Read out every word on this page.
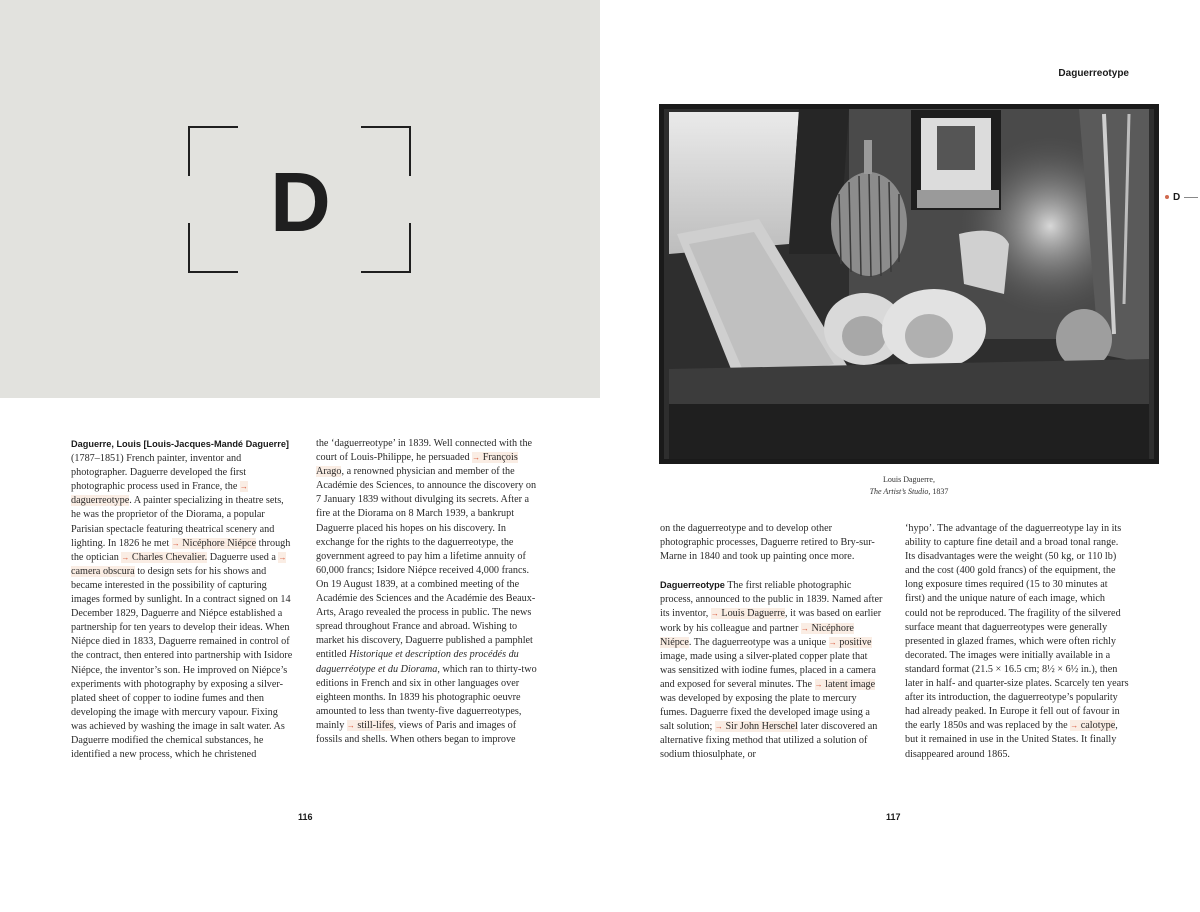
D

Daguerre, Louis [Louis-Jacques-Mandé Daguerre]
(1787–1851) French painter, inventor and photographer. Daguerre developed the first photographic process used in France, the → daguerreotype. A painter specializing in theatre sets, he was the proprietor of the Diorama, a popular Parisian spectacle featuring theatrical scenery and lighting. In 1826 he met → Nicéphore Niépce through the optician → Charles Chevalier. Daguerre used a → camera obscura to design sets for his shows and became interested in the possibility of capturing images formed by sunlight. In a contract signed on 14 December 1829, Daguerre and Niépce established a partnership for ten years to develop their ideas. When Niépce died in 1833, Daguerre remained in control of the contract, then entered into partnership with Isidore Niépce, the inventor’s son. He improved on Niépce’s experiments with photography by exposing a silver-plated sheet of copper to iodine fumes and then developing the image with mercury vapour. Fixing was achieved by washing the image in salt water. As Daguerre modified the chemical substances, he identified a new process, which he christened

the ‘daguerreotype’ in 1839. Well connected with the court of Louis-Philippe, he persuaded → François Arago, a renowned physician and member of the Académie des Sciences, to announce the discovery on 7 January 1839 without divulging its secrets. After a fire at the Diorama on 8 March 1939, a bankrupt Daguerre placed his hopes on his discovery. In exchange for the rights to the daguerreotype, the government agreed to pay him a lifetime annuity of 60,000 francs; Isidore Niépce received 4,000 francs. On 19 August 1839, at a combined meeting of the Académie des Sciences and the Académie des Beaux-Arts, Arago revealed the process in public. The news spread throughout France and abroad. Wishing to market his discovery, Daguerre published a pamphlet entitled Historique et description des procédés du daguerréotype et du Diorama, which ran to thirty-two editions in French and six in other languages over eighteen months. In 1839 his photographic oeuvre amounted to less than twenty-five daguerreotypes, mainly → still-lifes, views of Paris and images of fossils and shells. When others began to improve

116
Daguerreotype
D
Louis Daguerre,
The Artist’s Studio, 1837

on the daguerreotype and to develop other photographic processes, Daguerre retired to Bry-sur-Marne in 1840 and took up painting once more.

Daguerreotype The first reliable photographic process, announced to the public in 1839. Named after its inventor, → Louis Daguerre, it was based on earlier work by his colleague and partner → Nicéphore Niépce. The daguerreotype was a unique → positive image, made using a silver-plated copper plate that was sensitized with iodine fumes, placed in a camera and exposed for several minutes. The → latent image was developed by exposing the plate to mercury fumes. Daguerre fixed the developed image using a salt solution; → Sir John Herschel later discovered an alternative fixing method that utilized a solution of sodium thiosulphate, or

‘hypo’. The advantage of the daguerreotype lay in its ability to capture fine detail and a broad tonal range. Its disadvantages were the weight (50 kg, or 110 lb) and the cost (400 gold francs) of the equipment, the long exposure times required (15 to 30 minutes at first) and the unique nature of each image, which could not be reproduced. The fragility of the silvered surface meant that daguerreotypes were generally presented in glazed frames, which were often richly decorated. The images were initially available in a standard format (21.5 × 16.5 cm; 8½ × 6½ in.), then later in half- and quarter-size plates. Scarcely ten years after its introduction, the daguerreotype’s popularity had already peaked. In Europe it fell out of favour in the early 1850s and was replaced by the → calotype, but it remained in use in the United States. It finally disappeared around 1865.

117
